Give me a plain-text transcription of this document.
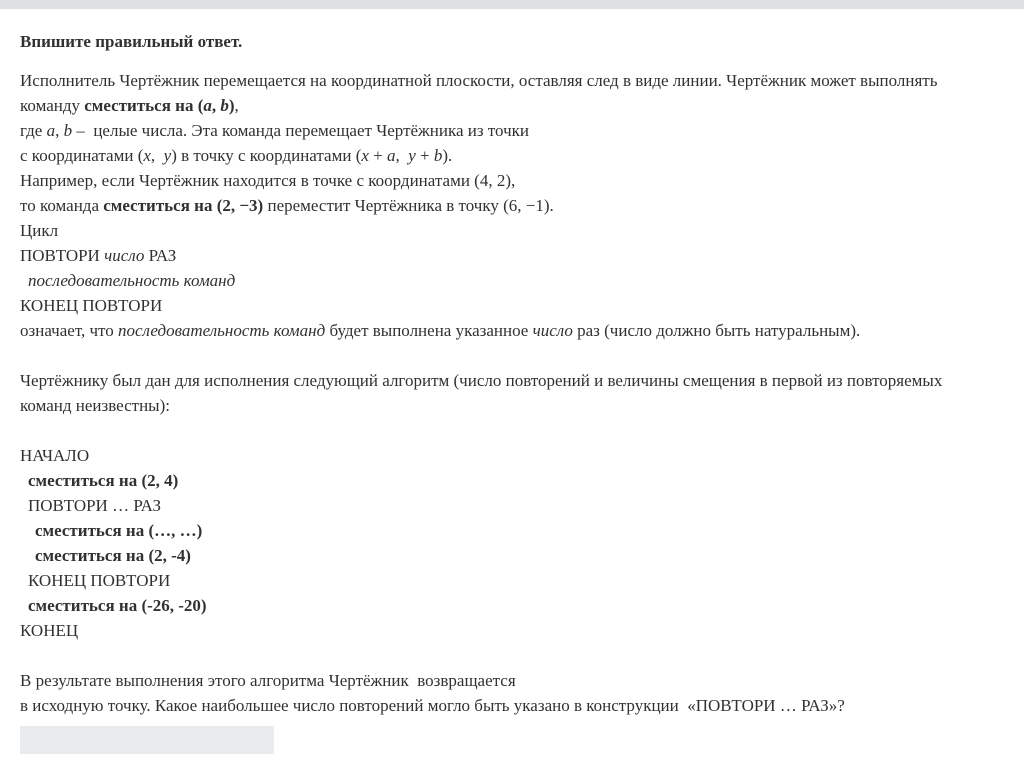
Впишите правильный ответ.
Исполнитель Чертёжник перемещается на координатной плоскости, оставляя след в виде линии. Чертёжник может выполнять
команду сместиться на (a, b),
где a, b –  целые числа. Эта команда перемещает Чертёжника из точки
с координатами (x,  y) в точку с координатами (x + a,  y + b).
Например, если Чертёжник находится в точке с координатами (4, 2),
то команда сместиться на (2, −3) переместит Чертёжника в точку (6, −1).
Цикл
ПОВТОРИ число РАЗ
последовательность команд
КОНЕЦ ПОВТОРИ
означает, что последовательность команд будет выполнена указанное число раз (число должно быть натуральным).
Чертёжнику был дан для исполнения следующий алгоритм (число повторений и величины смещения в первой из повторяемых
команд неизвестны):
НАЧАЛО
сместиться на (2, 4)
ПОВТОРИ … РАЗ
сместиться на (…, …)
сместиться на (2, -4)
КОНЕЦ ПОВТОРИ
сместиться на (-26, -20)
КОНЕЦ
В результате выполнения этого алгоритма Чертёжник  возвращается
в исходную точку. Какое наибольшее число повторений могло быть указано в конструкции  «ПОВТОРИ … РАЗ»?
